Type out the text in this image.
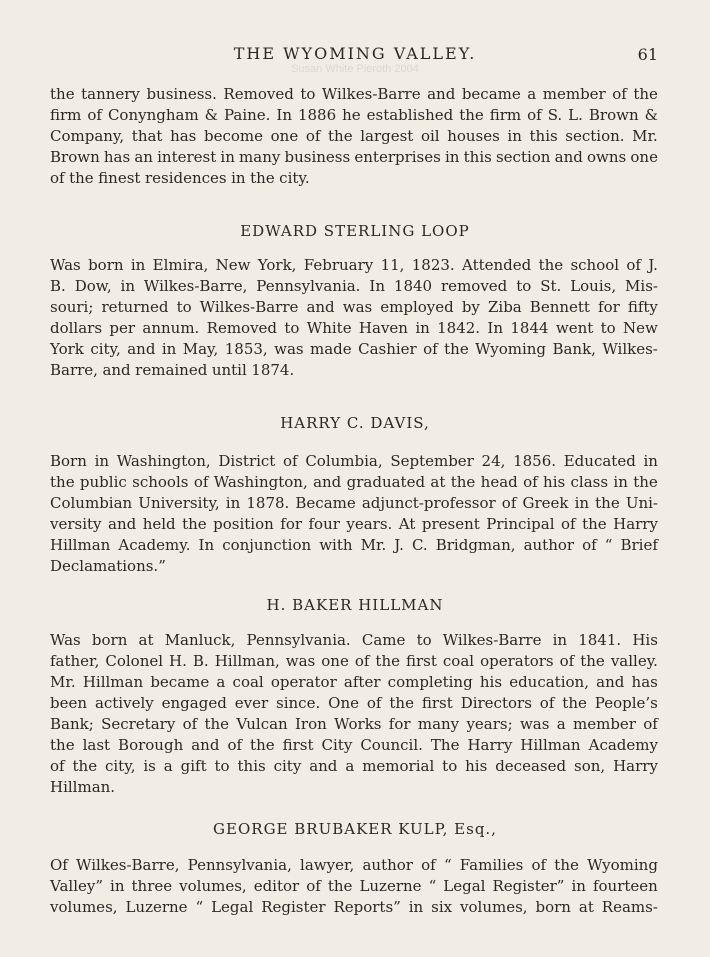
THE WYOMING VALLEY.	61
Susan White Pieroth 2004
the tannery business. Removed to Wilkes-Barre and became a member of the
firm of Conyngham & Paine. In 1886 he established the firm of S. L. Brown &
Company, that has become one of the largest oil houses in this section. Mr.
Brown has an interest in many business enterprises in this section and owns one
of the finest residences in the city.
EDWARD STERLING LOOP
Was born in Elmira, New York, February 11, 1823. Attended the school of J.
B. Dow, in Wilkes-Barre, Pennsylvania. In 1840 removed to St. Louis, Mis-
souri; returned to Wilkes-Barre and was employed by Ziba Bennett for fifty
dollars per annum. Removed to White Haven in 1842. In 1844 went to New
York city, and in May, 1853, was made Cashier of the Wyoming Bank, Wilkes-
Barre, and remained until 1874.
HARRY C. DAVIS,
Born in Washington, District of Columbia, September 24, 1856. Educated in
the public schools of Washington, and graduated at the head of his class in the
Columbian University, in 1878. Became adjunct-professor of Greek in the Uni-
versity and held the position for four years. At present Principal of the Harry
Hillman Academy. In conjunction with Mr. J. C. Bridgman, author of “ Brief
Declamations.”
H. BAKER HILLMAN
Was born at Manluck, Pennsylvania. Came to Wilkes-Barre in 1841. His
father, Colonel H. B. Hillman, was one of the first coal operators of the valley.
Mr. Hillman became a coal operator after completing his education, and has
been actively engaged ever since. One of the first Directors of the People’s
Bank; Secretary of the Vulcan Iron Works for many years; was a member of
the last Borough and of the first City Council. The Harry Hillman Academy
of the city, is a gift to this city and a memorial to his deceased son, Harry
Hillman.
GEORGE BRUBAKER KULP, Esq.,
Of Wilkes-Barre, Pennsylvania, lawyer, author of “ Families of the Wyoming
Valley” in three volumes, editor of the Luzerne “ Legal Register” in fourteen
volumes, Luzerne “ Legal Register Reports” in six volumes, born at Reams-
